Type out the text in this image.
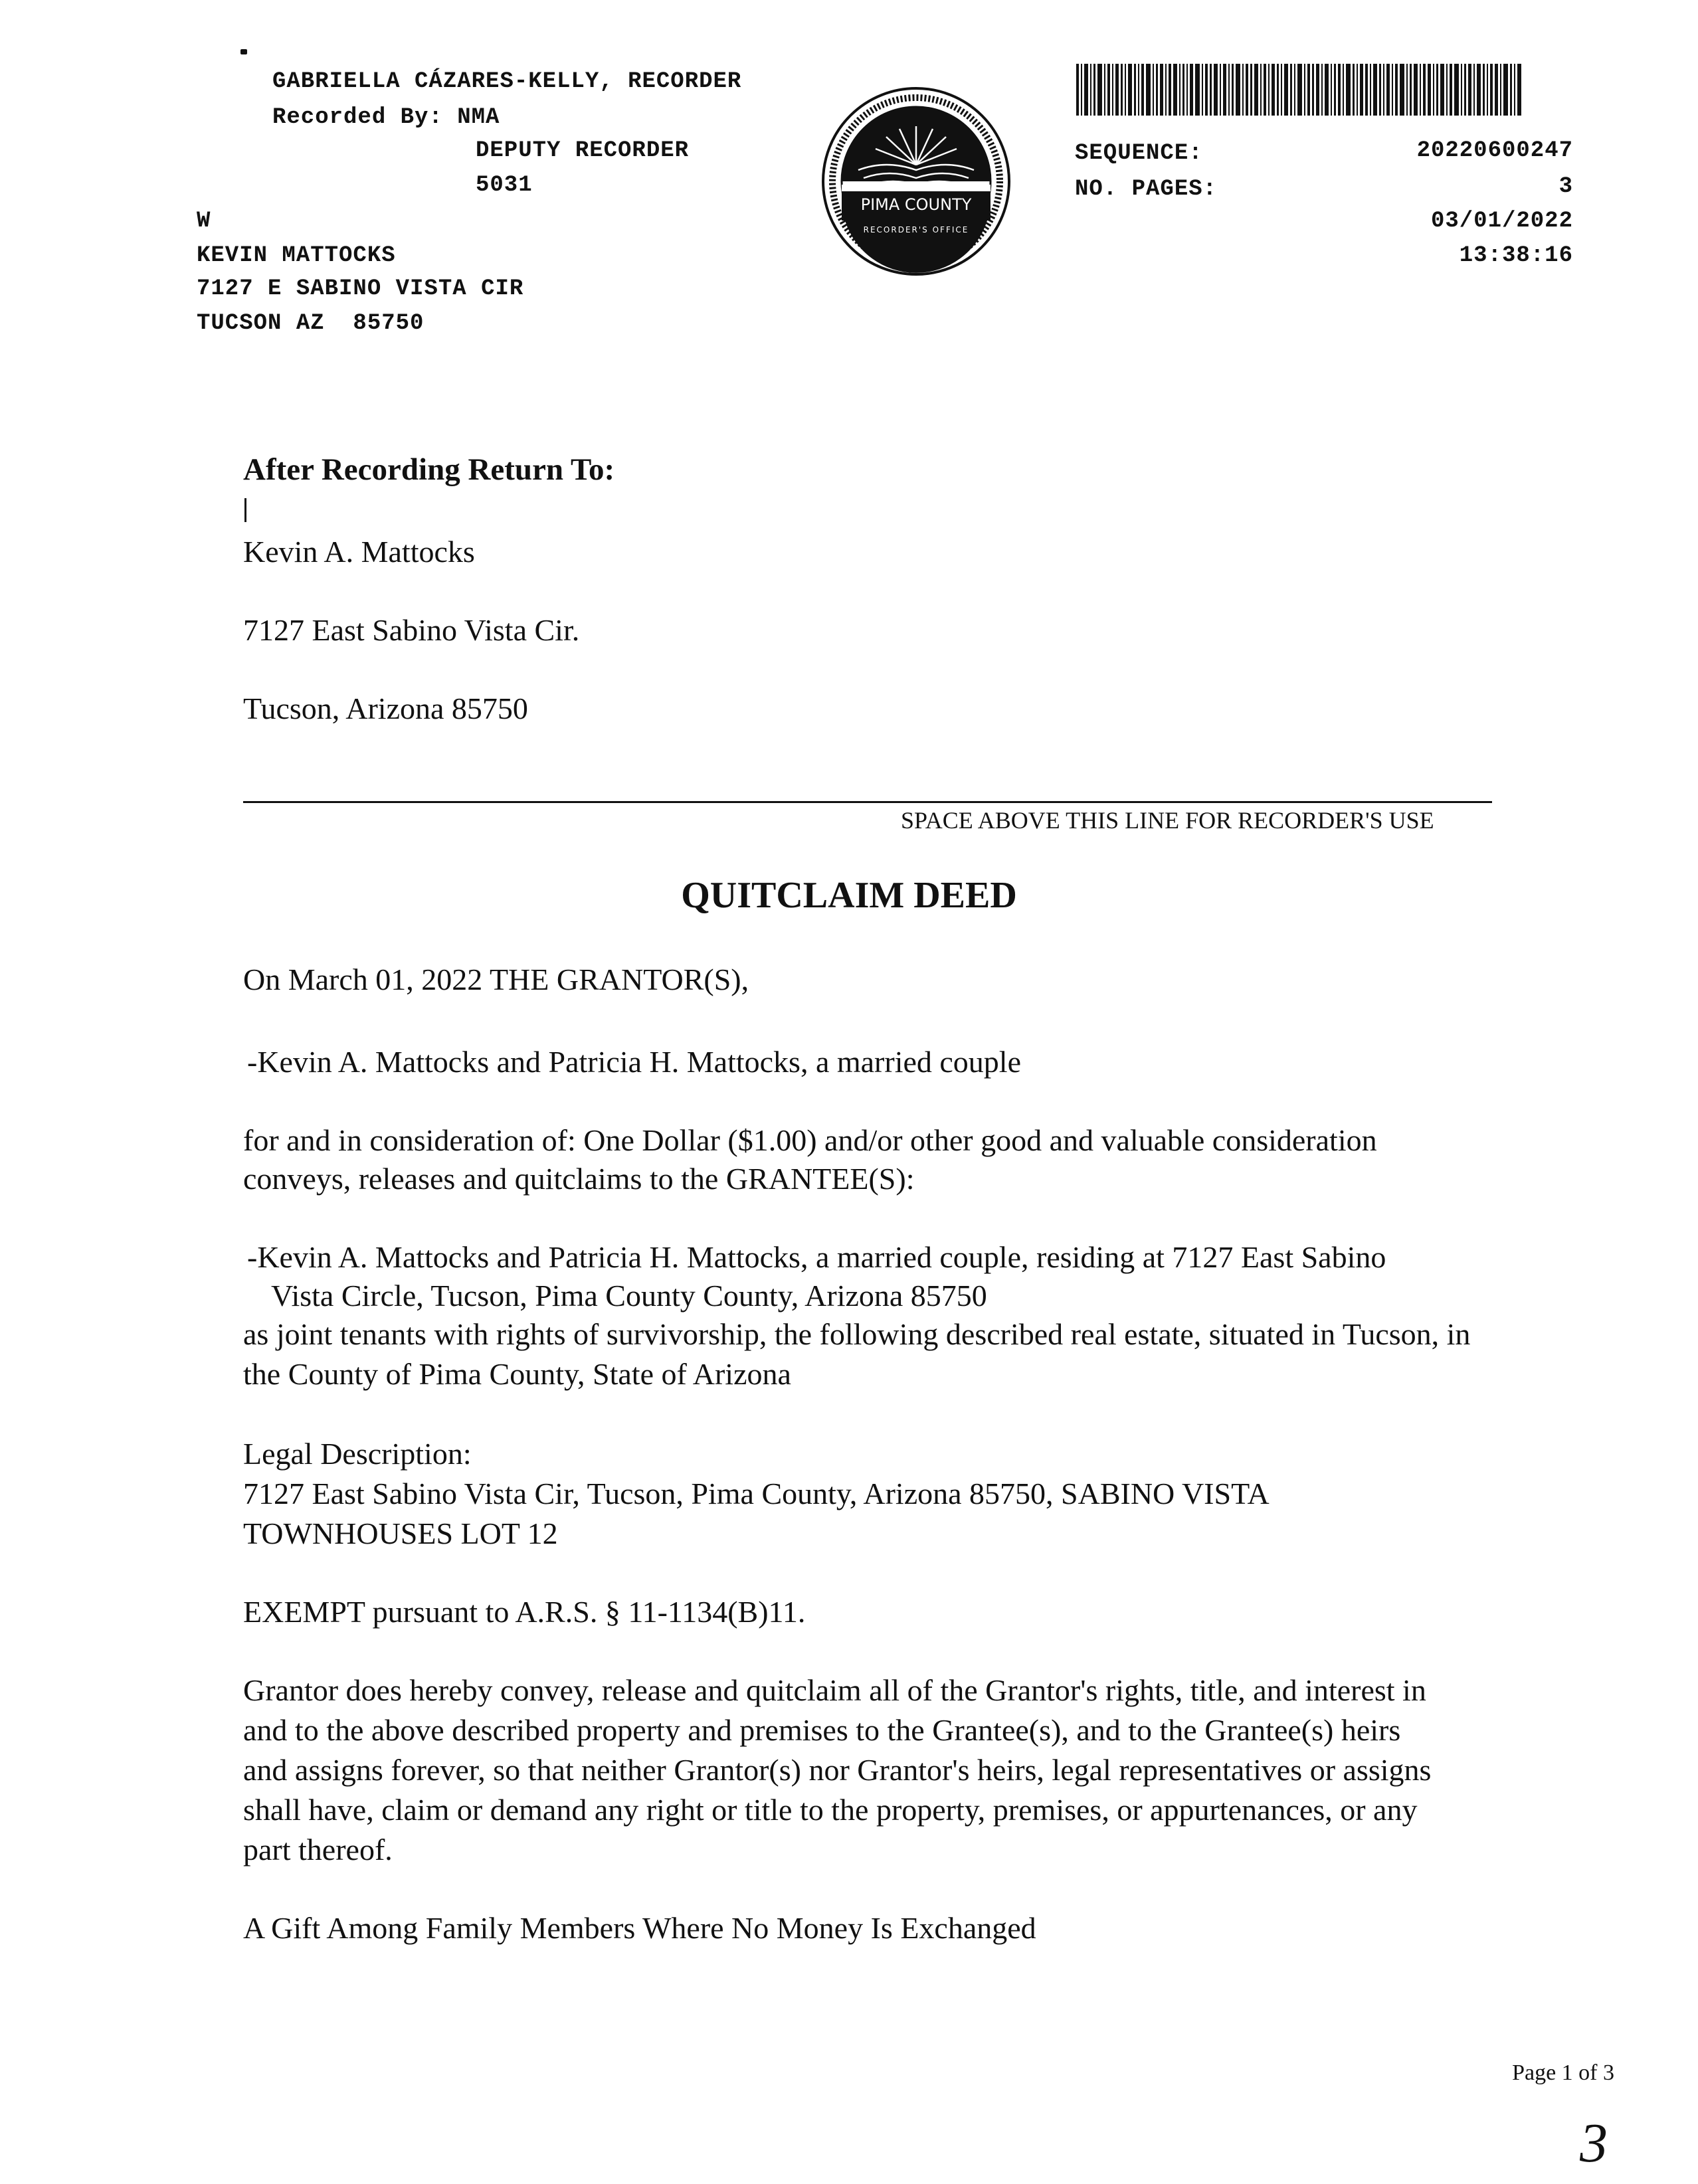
GABRIELLA CÁZARES-KELLY, RECORDER
Recorded By: NMA
DEPUTY RECORDER
5031
W
KEVIN MATTOCKS
7127 E SABINO VISTA CIR
TUCSON AZ  85750
PIMA COUNTY
RECORDER'S OFFICE
SEQUENCE:	20220600247
NO. PAGES:	3
03/01/2022
13:38:16
After Recording Return To:
Kevin A. Mattocks
7127 East Sabino Vista Cir.
Tucson, Arizona 85750
SPACE ABOVE THIS LINE FOR RECORDER'S USE
QUITCLAIM DEED
On March 01, 2022 THE GRANTOR(S),
-Kevin A. Mattocks and Patricia H. Mattocks, a married couple
for and in consideration of: One Dollar ($1.00) and/or other good and valuable consideration
conveys, releases and quitclaims to the GRANTEE(S):
-Kevin A. Mattocks and Patricia H. Mattocks, a married couple, residing at 7127 East Sabino
Vista Circle, Tucson, Pima County County, Arizona 85750
as joint tenants with rights of survivorship, the following described real estate, situated in Tucson, in
the County of Pima County, State of Arizona
Legal Description:
7127 East Sabino Vista Cir, Tucson, Pima County, Arizona 85750, SABINO VISTA
TOWNHOUSES LOT 12
EXEMPT pursuant to A.R.S. § 11-1134(B)11.
Grantor does hereby convey, release and quitclaim all of the Grantor's rights, title, and interest in
and to the above described property and premises to the Grantee(s), and to the Grantee(s) heirs
and assigns forever, so that neither Grantor(s) nor Grantor's heirs, legal representatives or assigns
shall have, claim or demand any right or title to the property, premises, or appurtenances, or any
part thereof.
A Gift Among Family Members Where No Money Is Exchanged
Page 1 of 3
3
